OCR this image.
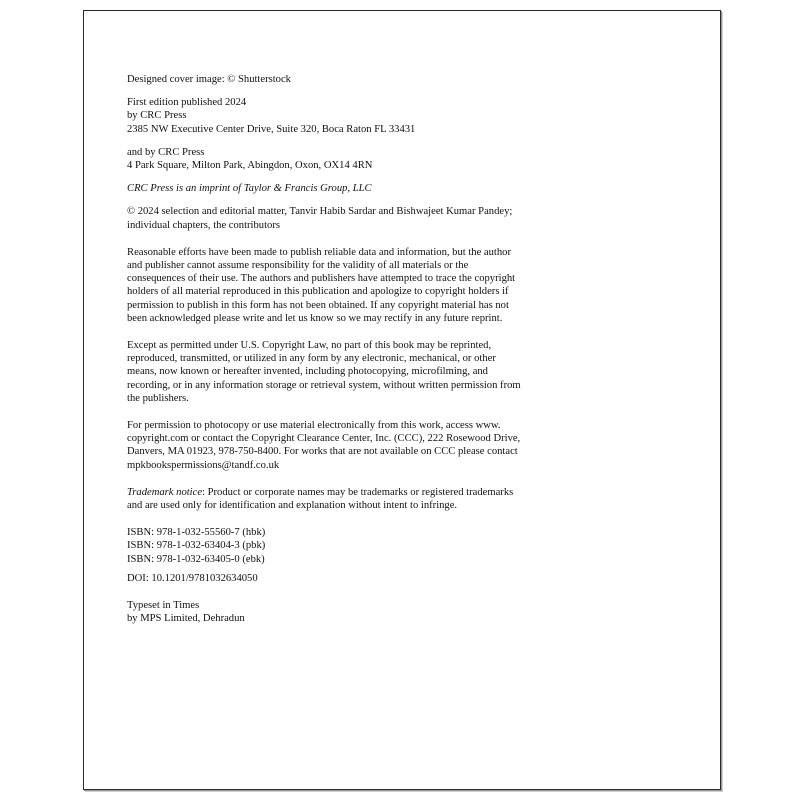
Designed cover image: © Shutterstock
First edition published 2024
by CRC Press
2385 NW Executive Center Drive, Suite 320, Boca Raton FL 33431
and by CRC Press
4 Park Square, Milton Park, Abingdon, Oxon, OX14 4RN
CRC Press is an imprint of Taylor & Francis Group, LLC
© 2024 selection and editorial matter, Tanvir Habib Sardar and Bishwajeet Kumar Pandey;
individual chapters, the contributors
Reasonable efforts have been made to publish reliable data and information, but the author
and publisher cannot assume responsibility for the validity of all materials or the
consequences of their use. The authors and publishers have attempted to trace the copyright
holders of all material reproduced in this publication and apologize to copyright holders if
permission to publish in this form has not been obtained. If any copyright material has not
been acknowledged please write and let us know so we may rectify in any future reprint.
Except as permitted under U.S. Copyright Law, no part of this book may be reprinted,
reproduced, transmitted, or utilized in any form by any electronic, mechanical, or other
means, now known or hereafter invented, including photocopying, microfilming, and
recording, or in any information storage or retrieval system, without written permission from
the publishers.
For permission to photocopy or use material electronically from this work, access www.
copyright.com or contact the Copyright Clearance Center, Inc. (CCC), 222 Rosewood Drive,
Danvers, MA 01923, 978-750-8400. For works that are not available on CCC please contact
mpkbookspermissions@tandf.co.uk
Trademark notice: Product or corporate names may be trademarks or registered trademarks
and are used only for identification and explanation without intent to infringe.
ISBN: 978-1-032-55560-7 (hbk)
ISBN: 978-1-032-63404-3 (pbk)
ISBN: 978-1-032-63405-0 (ebk)
DOI: 10.1201/9781032634050
Typeset in Times
by MPS Limited, Dehradun
